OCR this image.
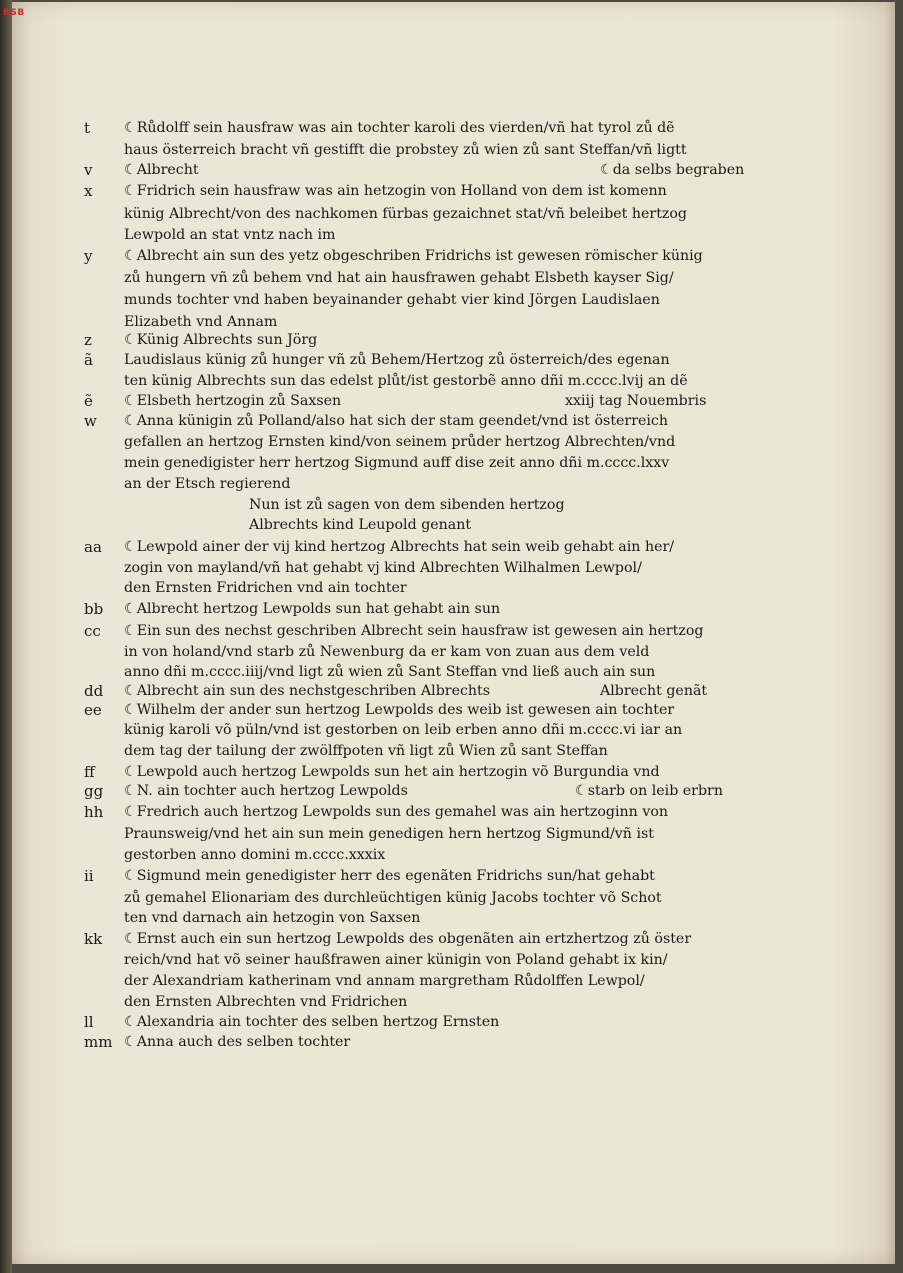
BSB
t	☾Růdolff sein hausfraw was ain tochter karoli des vierden/vñ hat tyrol zů dẽ
haus österreich bracht vñ gestifft die probstey zů wien zů sant Steffan/vñ ligtt
v	☾Albrecht	☾da selbs begraben
x	☾Fridrich sein hausfraw was ain hetzogin von Holland von dem ist komenn
künig Albrecht/von des nachkomen fürbas gezaichnet stat/vñ beleibet hertzog
Lewpold an stat vntz nach im
y	☾Albrecht ain sun des yetz obgeschriben Fridrichs ist gewesen römischer künig
zů hungern vñ zů behem vnd hat ain hausfrawen gehabt Elsbeth kayser Sig/
munds tochter vnd haben beyainander gehabt vier kind Jörgen Laudislaen
Elizabeth vnd Annam
z	☾Künig Albrechts sun Jörg
ã	Laudislaus künig zů hunger vñ zů Behem/Hertzog zů österreich/des egenan
ten künig Albrechts sun das edelst plůt/ist gestorbẽ anno dñi m.cccc.lvij an dẽ
ẽ	☾Elsbeth hertzogin zů Saxsen	xxiij tag Nouembris
w	☾Anna künigin zů Polland/also hat sich der stam geendet/vnd ist österreich
gefallen an hertzog Ernsten kind/von seinem průder hertzog Albrechten/vnd
mein genedigister herr hertzog Sigmund auff dise zeit anno dñi m.cccc.lxxv
an der Etsch regierend
Nun ist zů sagen von dem sibenden hertzog
Albrechts kind Leupold genant
aa	☾Lewpold ainer der vij kind hertzog Albrechts hat sein weib gehabt ain her/
zogin von mayland/vñ hat gehabt vj kind Albrechten Wilhalmen Lewpol/
den Ernsten Fridrichen vnd ain tochter
bb	☾Albrecht hertzog Lewpolds sun hat gehabt ain sun
cc	☾Ein sun des nechst geschriben Albrecht sein hausfraw ist gewesen ain hertzog
in von holand/vnd starb zů Newenburg da er kam von zuan aus dem veld
anno dñi m.cccc.iiij/vnd ligt zů wien zů Sant Steffan vnd ließ auch ain sun
dd	☾Albrecht ain sun des nechstgeschriben Albrechts	Albrecht genãt
ee	☾Wilhelm der ander sun hertzog Lewpolds des weib ist gewesen ain tochter
künig karoli võ püln/vnd ist gestorben on leib erben anno dñi m.cccc.vi iar an
dem tag der tailung der zwölffpoten vñ ligt zů Wien zů sant Steffan
ff	☾Lewpold auch hertzog Lewpolds sun het ain hertzogin võ Burgundia vnd
gg	☾N. ain tochter auch hertzog Lewpolds	☾starb on leib erbrn
hh	☾Fredrich auch hertzog Lewpolds sun des gemahel was ain hertzoginn von
Praunsweig/vnd het ain sun mein genedigen hern hertzog Sigmund/vñ ist
gestorben anno domini m.cccc.xxxix
ii	☾Sigmund mein genedigister herr des egenãten Fridrichs sun/hat gehabt
zů gemahel Elionariam des durchleüchtigen künig Jacobs tochter võ Schot
ten vnd darnach ain hetzogin von Saxsen
kk	☾Ernst auch ein sun hertzog Lewpolds des obgenãten ain ertzhertzog zů öster
reich/vnd hat võ seiner haußfrawen ainer künigin von Poland gehabt ix kin/
der Alexandriam katherinam vnd annam margretham Růdolffen Lewpol/
den Ernsten Albrechten vnd Fridrichen
ll	☾Alexandria ain tochter des selben hertzog Ernsten
mm ☾Anna auch des selben tochter
